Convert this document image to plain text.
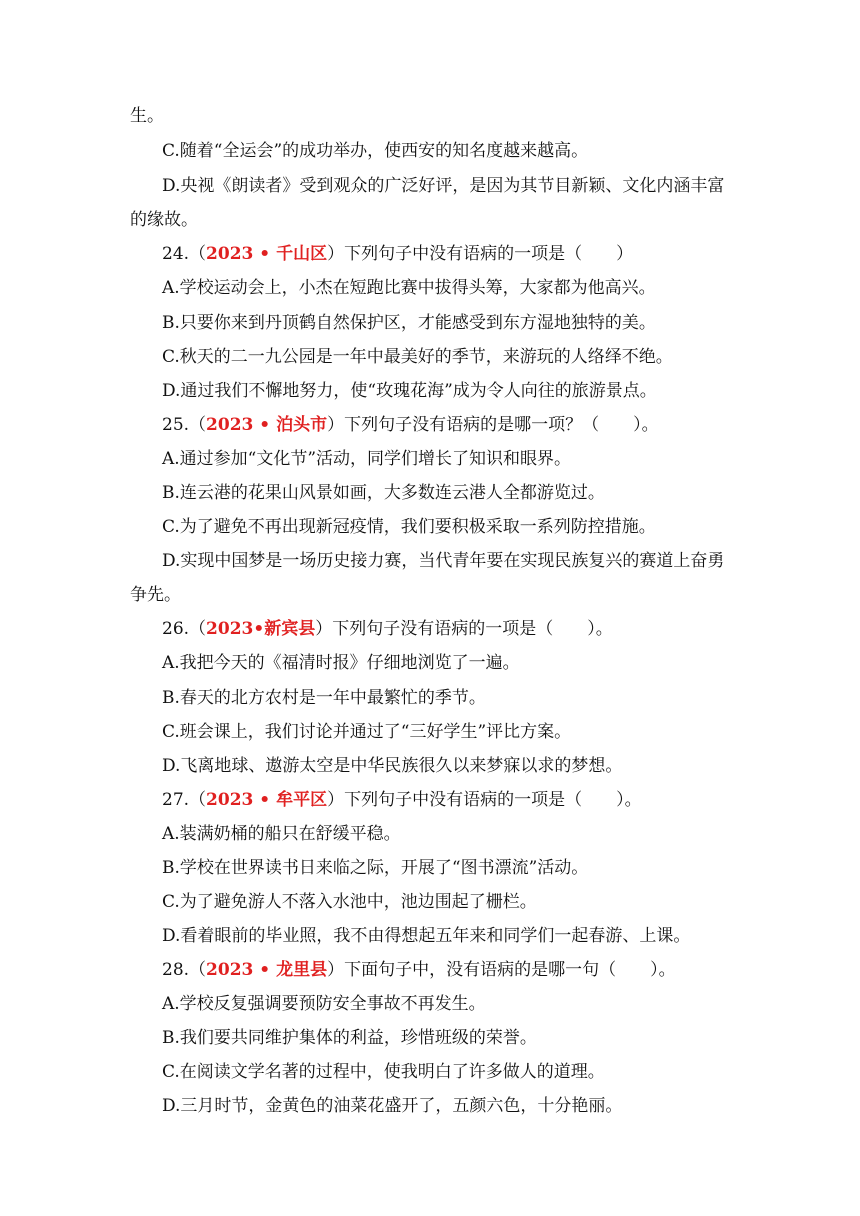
生。
C.随着“全运会”的成功举办，使西安的知名度越来越高。
D.央视《朗读者》受到观众的广泛好评，是因为其节目新颖、文化内涵丰富
的缘故。
24.（2023 • 千山区）下列句子中没有语病的一项是（　　）
A.学校运动会上，小杰在短跑比赛中拔得头筹，大家都为他高兴。
B.只要你来到丹顶鹤自然保护区，才能感受到东方湿地独特的美。
C.秋天的二一九公园是一年中最美好的季节，来游玩的人络绎不绝。
D.通过我们不懈地努力，使“玫瑰花海”成为令人向往的旅游景点。
25.（2023 • 泊头市）下列句子没有语病的是哪一项？（　　）。
A.通过参加“文化节”活动，同学们增长了知识和眼界。
B.连云港的花果山风景如画，大多数连云港人全都游览过。
C.为了避免不再出现新冠疫情，我们要积极采取一系列防控措施。
D.实现中国梦是一场历史接力赛，当代青年要在实现民族复兴的赛道上奋勇
争先。
26.（2023•新宾县）下列句子没有语病的一项是（　　）。
A.我把今天的《福清时报》仔细地浏览了一遍。
B.春天的北方农村是一年中最繁忙的季节。
C.班会课上，我们讨论并通过了“三好学生”评比方案。
D.飞离地球、遨游太空是中华民族很久以来梦寐以求的梦想。
27.（2023 • 牟平区）下列句子中没有语病的一项是（　　）。
A.装满奶桶的船只在舒缓平稳。
B.学校在世界读书日来临之际，开展了“图书漂流”活动。
C.为了避免游人不落入水池中，池边围起了栅栏。
D.看着眼前的毕业照，我不由得想起五年来和同学们一起春游、上课。
28.（2023 • 龙里县）下面句子中，没有语病的是哪一句（　　）。
A.学校反复强调要预防安全事故不再发生。
B.我们要共同维护集体的利益，珍惜班级的荣誉。
C.在阅读文学名著的过程中，使我明白了许多做人的道理。
D.三月时节，金黄色的油菜花盛开了，五颜六色，十分艳丽。
